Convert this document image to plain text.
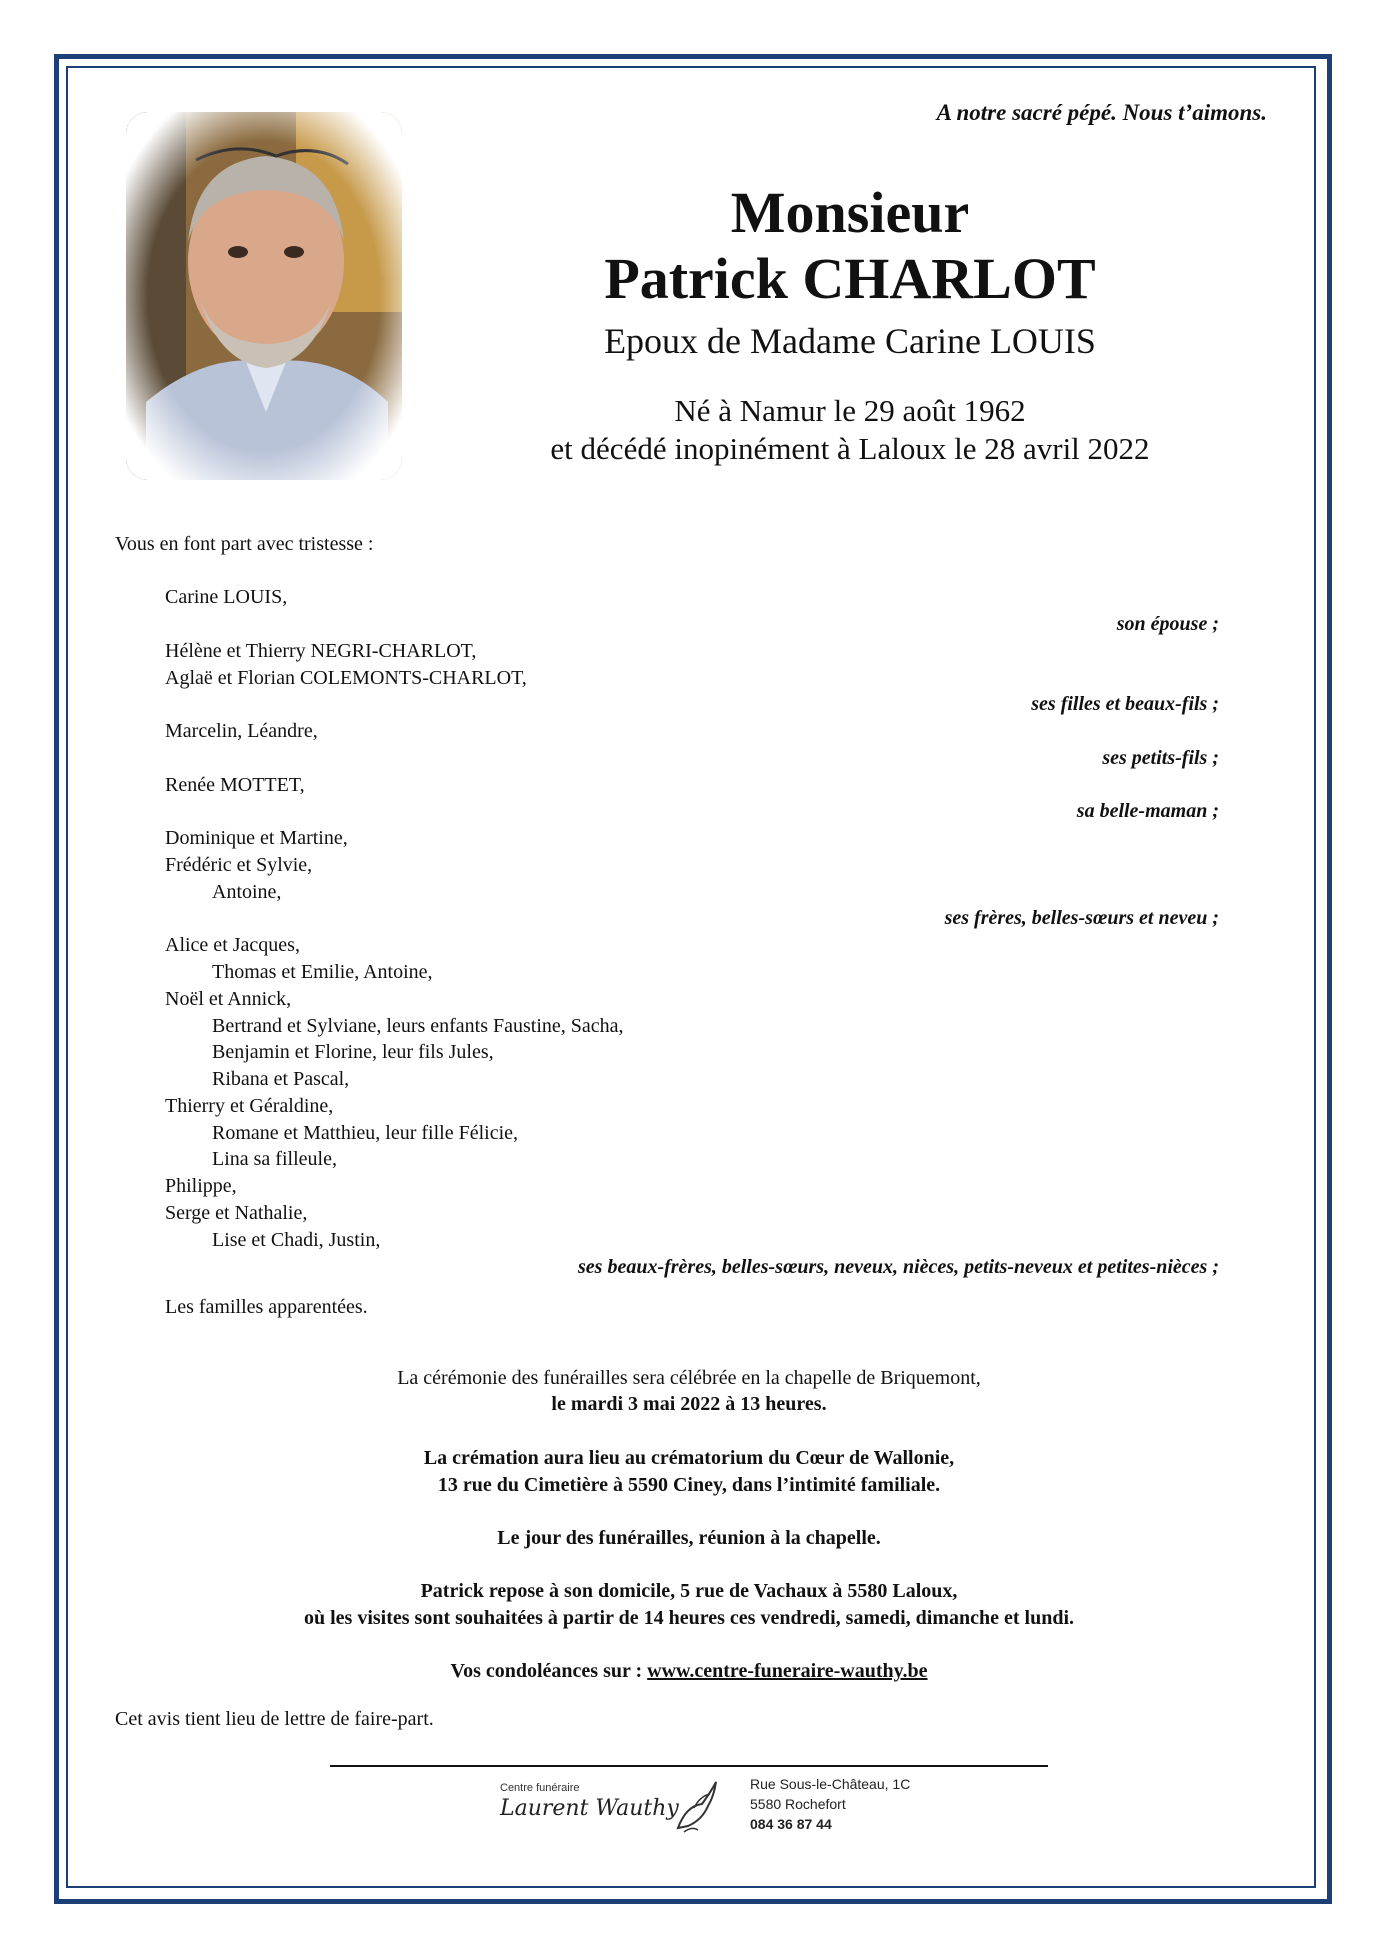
A notre sacré pépé. Nous t’aimons.
Monsieur
Patrick CHARLOT
Epoux de Madame Carine LOUIS
Né à Namur le 29 août 1962
et décédé inopinément à Laloux le 28 avril 2022
Vous en font part avec tristesse :
Carine LOUIS,
son épouse ;
Hélène et Thierry NEGRI-CHARLOT,
Aglaë et Florian COLEMONTS-CHARLOT,
ses filles et beaux-fils ;
Marcelin, Léandre,
ses petits-fils ;
Renée MOTTET,
sa belle-maman ;
Dominique et Martine,
Frédéric et Sylvie,
Antoine,
ses frères, belles-sœurs et neveu ;
Alice et Jacques,
Thomas et Emilie, Antoine,
Noël et Annick,
Bertrand et Sylviane, leurs enfants Faustine, Sacha,
Benjamin et Florine, leur fils Jules,
Ribana et Pascal,
Thierry et Géraldine,
Romane et Matthieu, leur fille Félicie,
Lina sa filleule,
Philippe,
Serge et Nathalie,
Lise et Chadi, Justin,
ses beaux-frères, belles-sœurs, neveux, nièces, petits-neveux et petites-nièces ;
Les familles apparentées.
La cérémonie des funérailles sera célébrée en la chapelle de Briquemont,
le mardi 3 mai 2022 à 13 heures.
La crémation aura lieu au crématorium du Cœur de Wallonie,
13 rue du Cimetière à 5590 Ciney, dans l’intimité familiale.
Le jour des funérailles, réunion à la chapelle.
Patrick repose à son domicile, 5 rue de Vachaux à 5580 Laloux,
où les visites sont souhaitées à partir de 14 heures ces vendredi, samedi, dimanche et lundi.
Vos condoléances sur : www.centre-funeraire-wauthy.be
Cet avis tient lieu de lettre de faire-part.
Centre funéraire
Laurent Wauthy
Rue Sous-le-Château, 1C
5580 Rochefort
084 36 87 44
